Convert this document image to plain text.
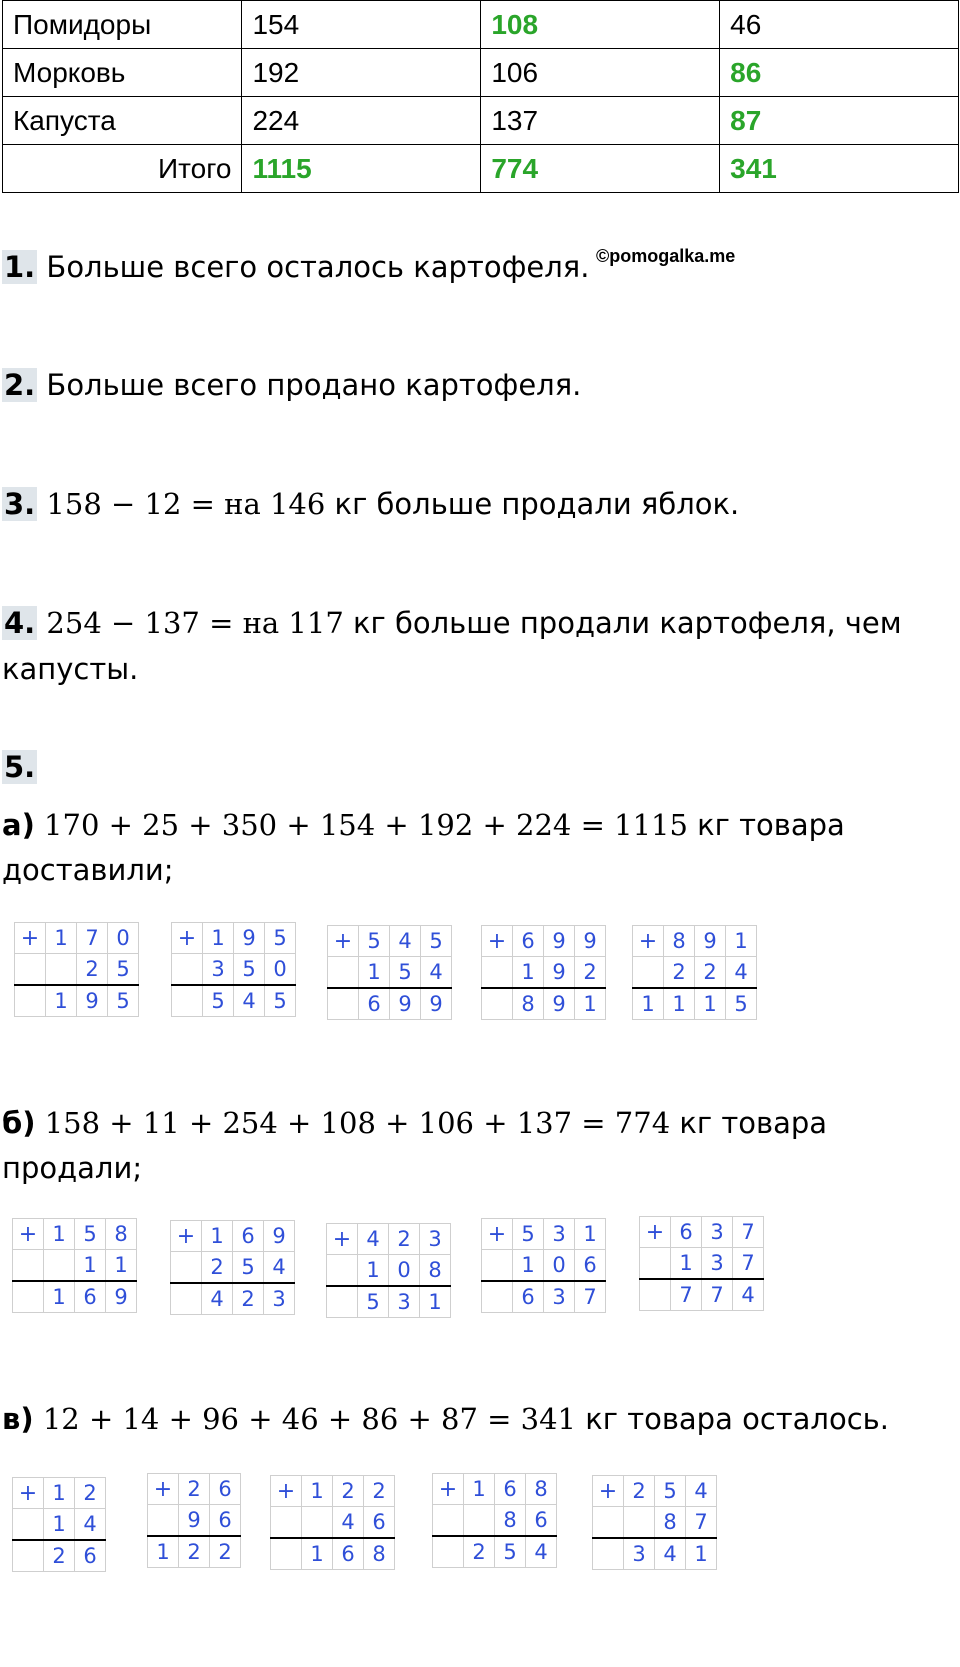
Помидоры	154	108	46
Морковь	192	106	86
Капуста	224	137	87
Итого	1115	774	341
©pomogalka.me
1. Больше всего осталось картофеля.
2. Больше всего продано картофеля.
3. 158 − 12 = на 146 кг больше продали яблок.
4. 254 − 137 = на 117 кг больше продали картофеля, чем
капусты.
5.
а) 170 + 25 + 350 + 154 + 192 + 224 = 1115 кг товара
доставили;
б) 158 + 11 + 254 + 108 + 106 + 137 = 774 кг товара
продали;
в) 12 + 14 + 96 + 46 + 86 + 87 = 341 кг товара осталось.
+	1	7	0
		2	5
	1	9	5
+	1	9	5
	3	5	0
	5	4	5
+	5	4	5
	1	5	4
	6	9	9
+	6	9	9
	1	9	2
	8	9	1
+	8	9	1
	2	2	4
1	1	1	5
+	1	5	8
		1	1
	1	6	9
+	1	6	9
	2	5	4
	4	2	3
+	4	2	3
	1	0	8
	5	3	1
+	5	3	1
	1	0	6
	6	3	7
+	6	3	7
	1	3	7
	7	7	4
+	1	2
	1	4
	2	6
+	2	6
	9	6
1	2	2
+	1	2	2
		4	6
	1	6	8
+	1	6	8
		8	6
	2	5	4
+	2	5	4
		8	7
	3	4	1
